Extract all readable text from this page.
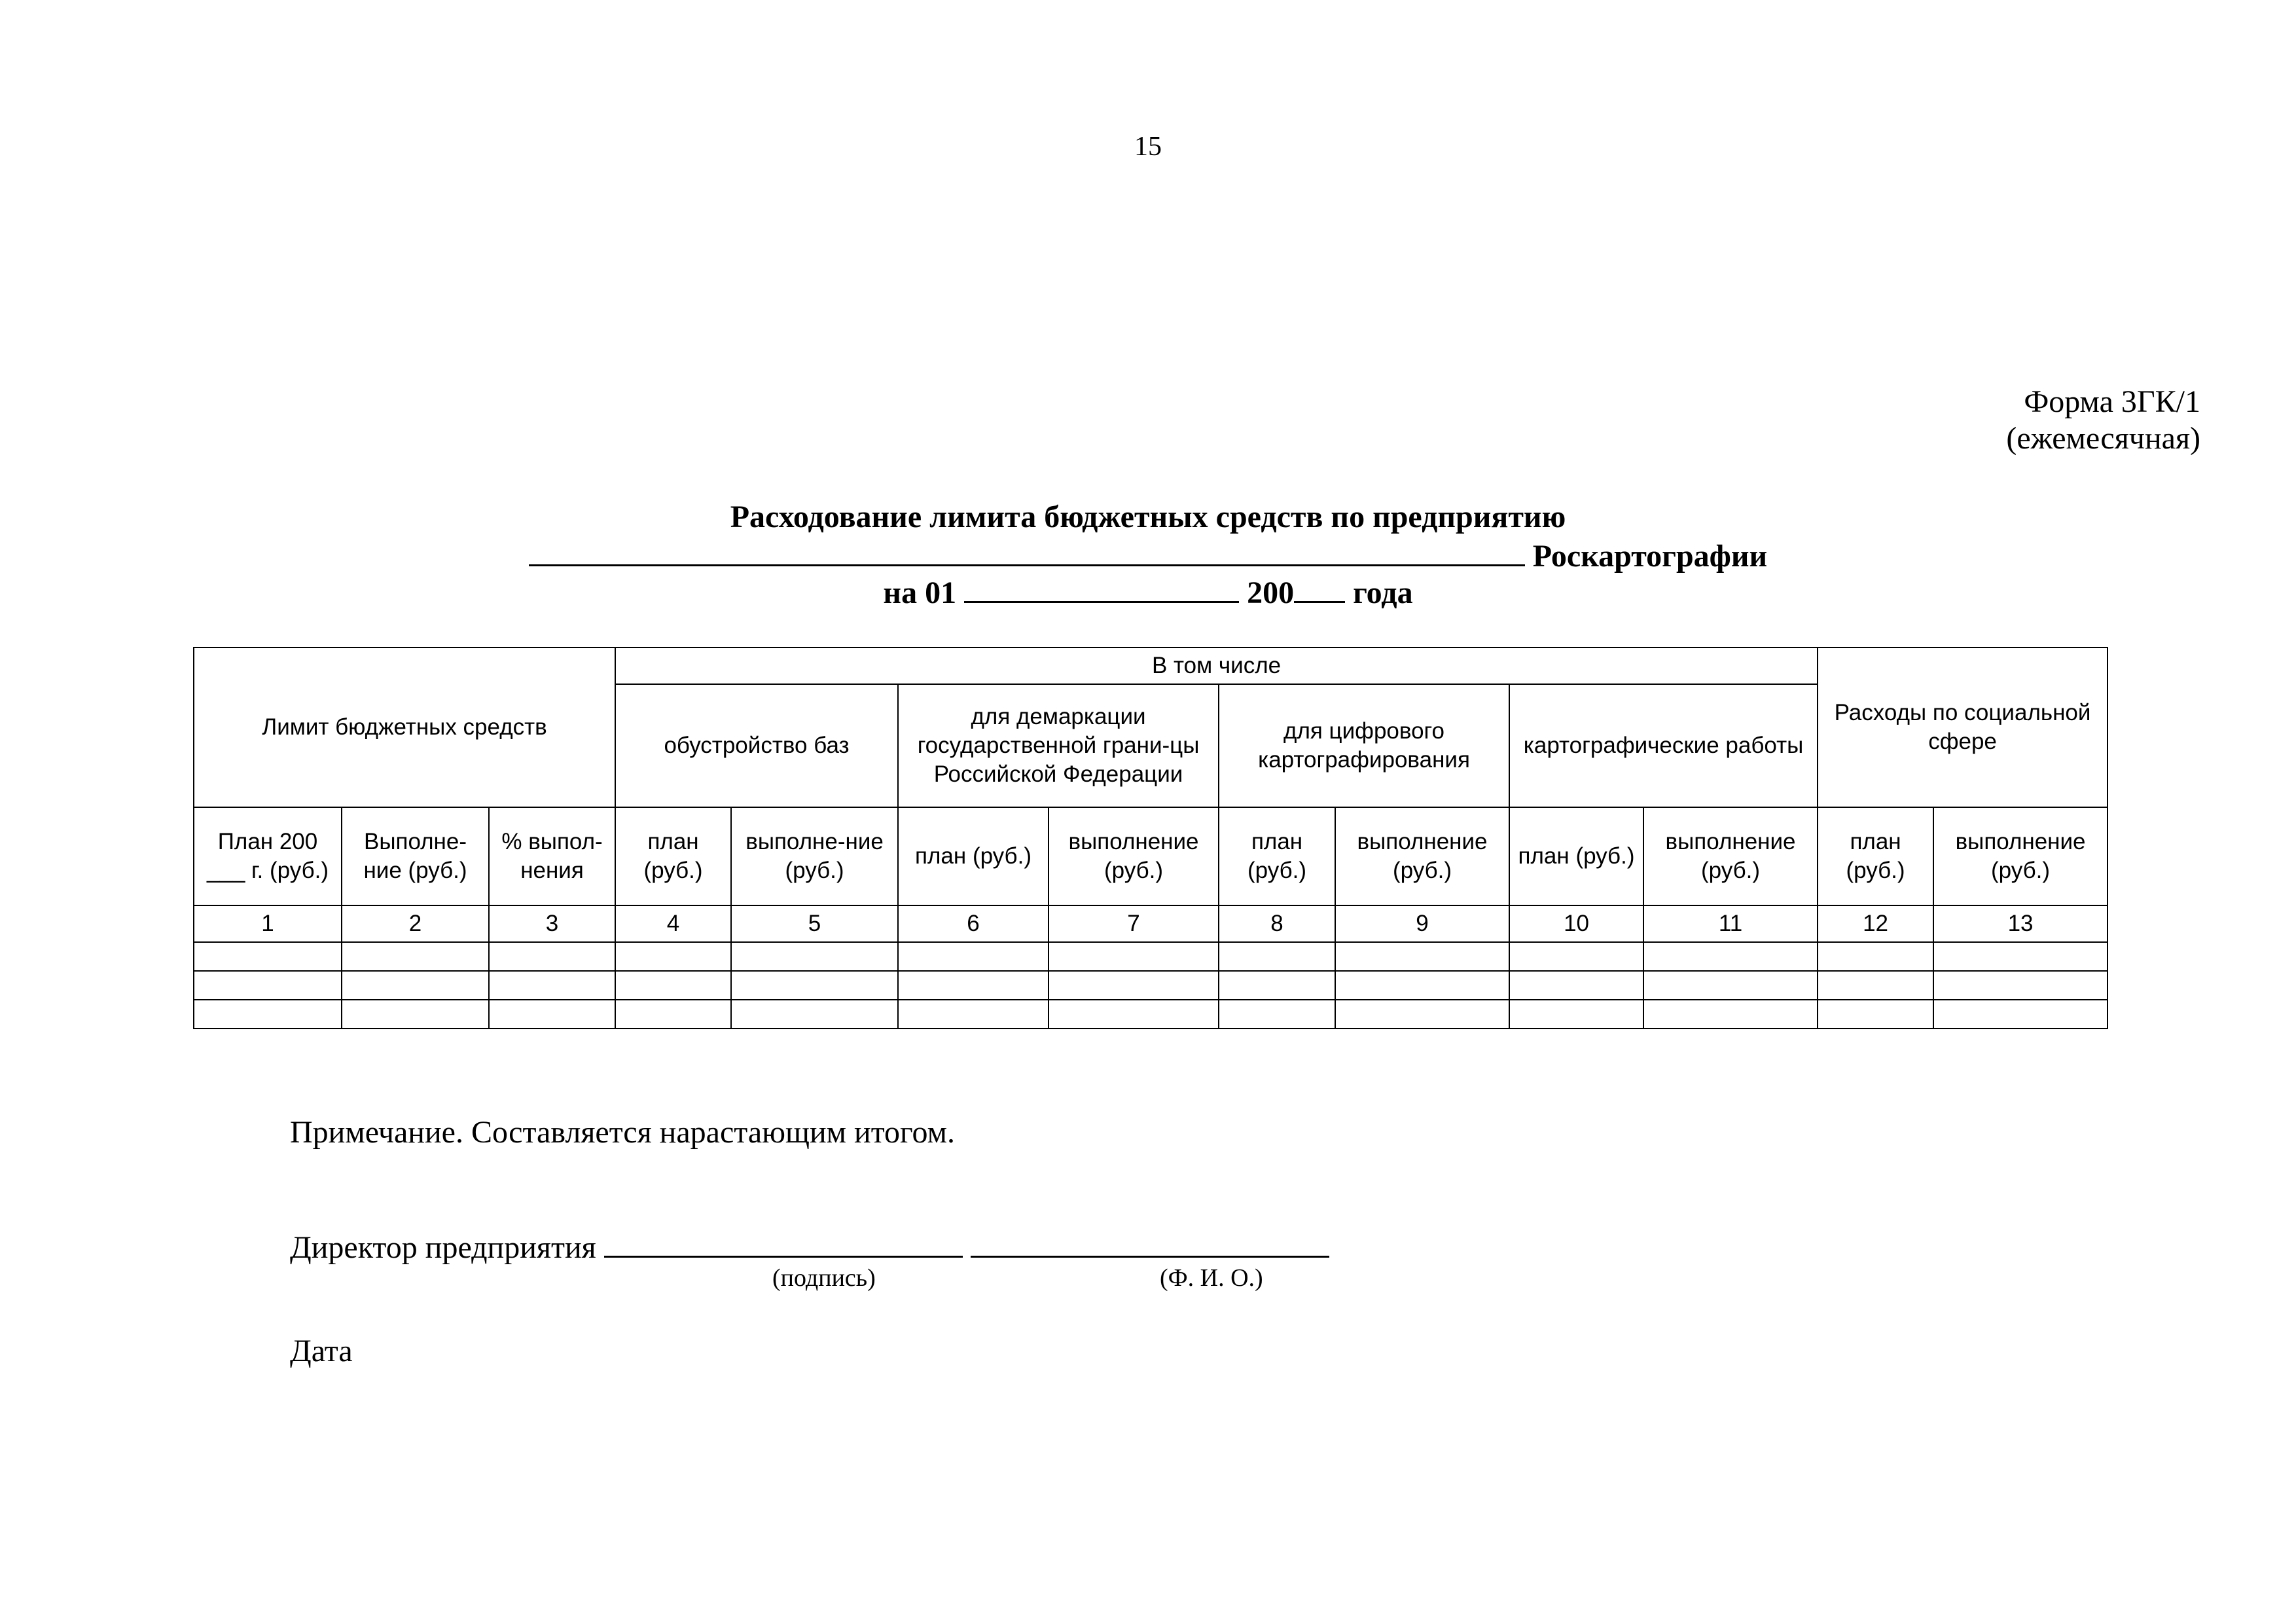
15
Форма 3ГК/1
(ежемесячная)
Расходование лимита бюджетных средств по предприятию
Роскартографии
на 01	200 года
Лимит бюджетных средств			В том числе								Расходы по социальной сфере	
			обустройство баз		для демаркации государственной грани-цы Российской Федерации		для цифрового картографирования		картографические работы			
План 200 ___ г. (руб.)	Выполне-ние (руб.)	% выпол-нения	план (руб.)	выполне-ние (руб.)	план (руб.)	выполнение (руб.)	план (руб.)	выполнение (руб.)	план (руб.)	выполнение (руб.)	план (руб.)	выполнение (руб.)
1	2	3	4	5	6	7	8	9	10	11	12	13

Примечание. Составляется нарастающим итогом.
Директор предприятия
(подпись)	(Ф. И. О.)
Дата
